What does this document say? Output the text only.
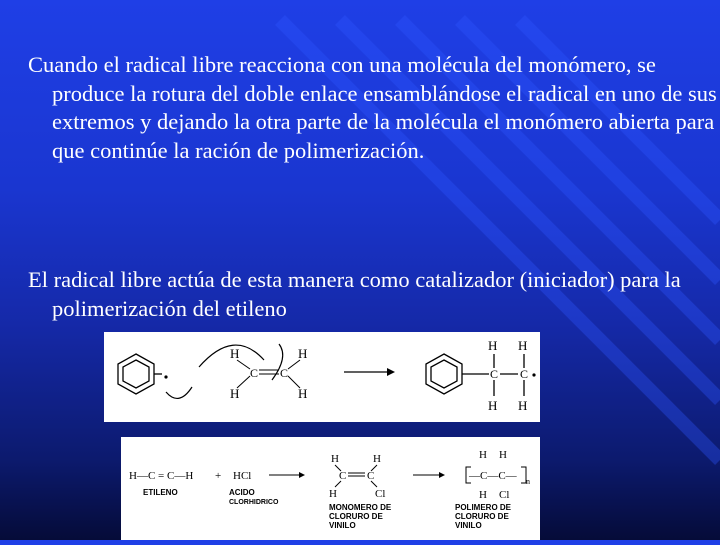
Cuando el radical libre reacciona con una molécula del monómero, se produce la rotura del doble enlace ensamblándose el radical en uno de sus extremos y dejando la otra parte de la molécula el monómero abierta para que continúe la ración de polimerización.

El radical libre actúa de esta manera como catalizador (iniciador) para la polimerización del etileno

H	H
C C
H	H
H H
C C
H H
H—C = C—H
ETILENO
+ HCl
ACIDO
CLORHIDRICO
H	H
C C
H	Cl
MONOMERO DE
CLORURO DE
VINILO
H H
—C—C— n
H Cl
POLIMERO DE
CLORURO DE
VINILO
